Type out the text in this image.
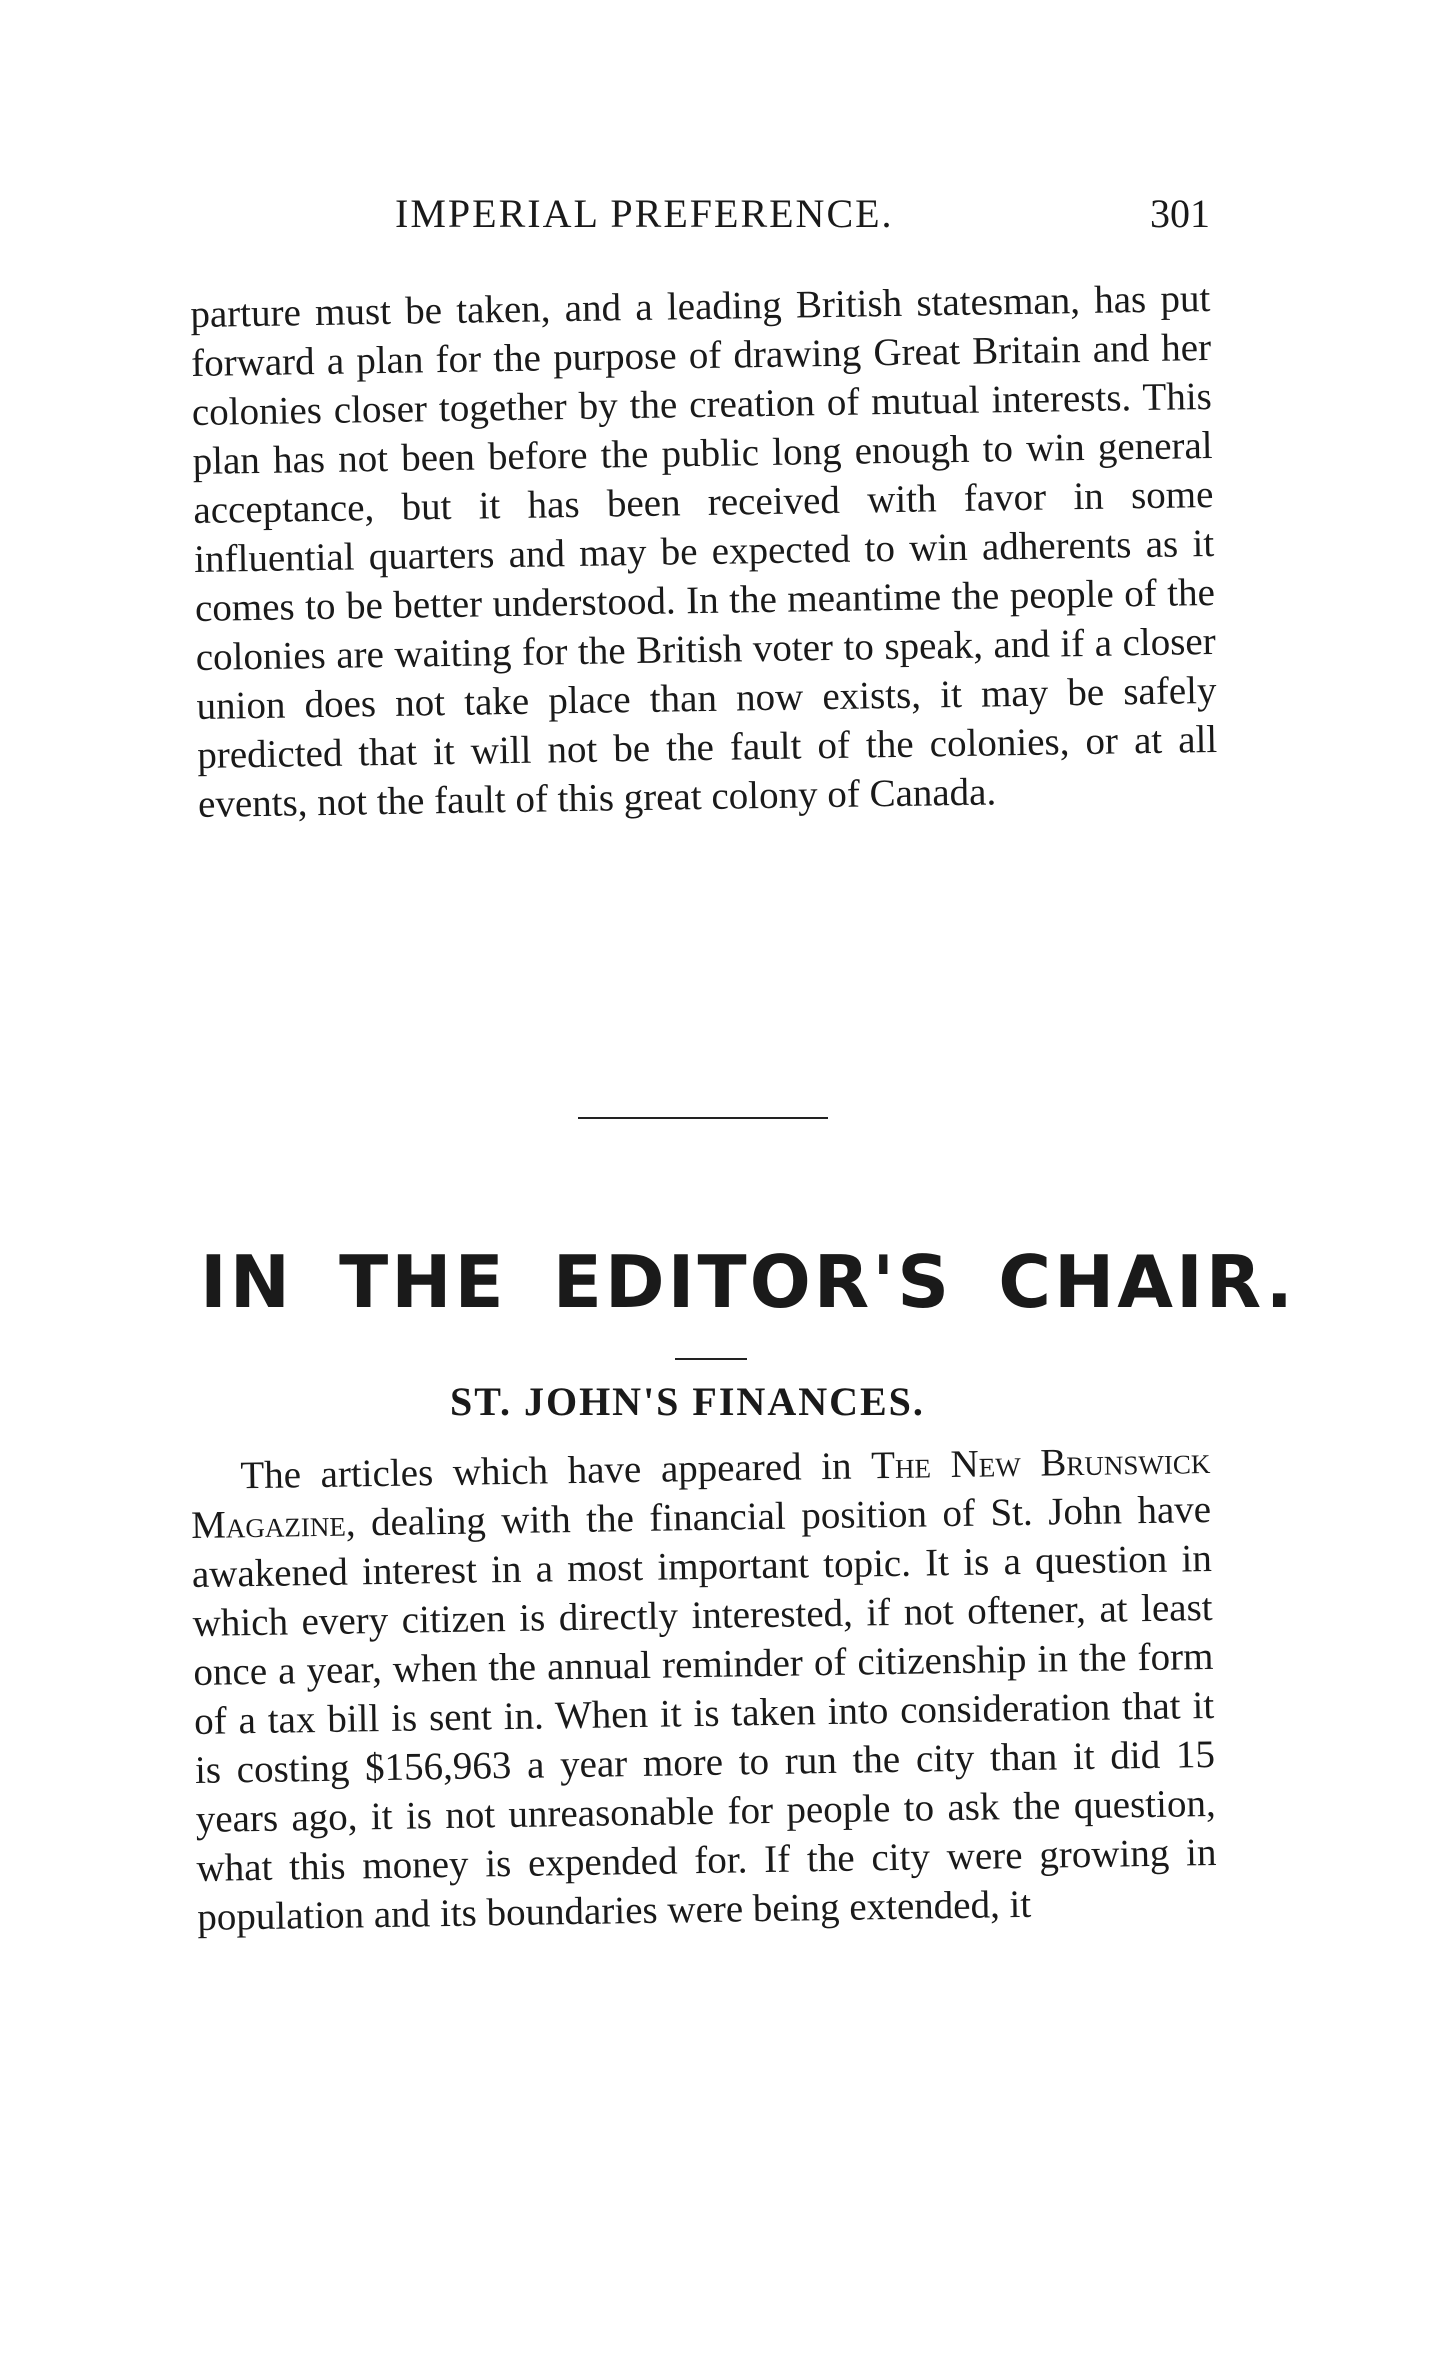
IMPERIAL PREFERENCE.	301

parture must be taken, and a leading British statesman, has put forward a plan for the purpose of drawing Great Britain and her colonies closer together by the creation of mutual interests. This plan has not been before the public long enough to win general acceptance, but it has been received with favor in some influential quarters and may be expected to win adherents as it comes to be better understood. In the meantime the people of the colonies are waiting for the British voter to speak, and if a closer union does not take place than now exists, it may be safely predicted that it will not be the fault of the colonies, or at all events, not the fault of this great colony of Canada.

IN THE EDITOR'S CHAIR.
ST. JOHN'S FINANCES.

The articles which have appeared in The New Brunswick Magazine, dealing with the financial position of St. John have awakened interest in a most important topic. It is a question in which every citizen is directly interested, if not oftener, at least once a year, when the annual reminder of citizenship in the form of a tax bill is sent in. When it is taken into consideration that it is costing $156,963 a year more to run the city than it did 15 years ago, it is not unreasonable for people to ask the question, what this money is expended for. If the city were growing in population and its boundaries were being extended, it
